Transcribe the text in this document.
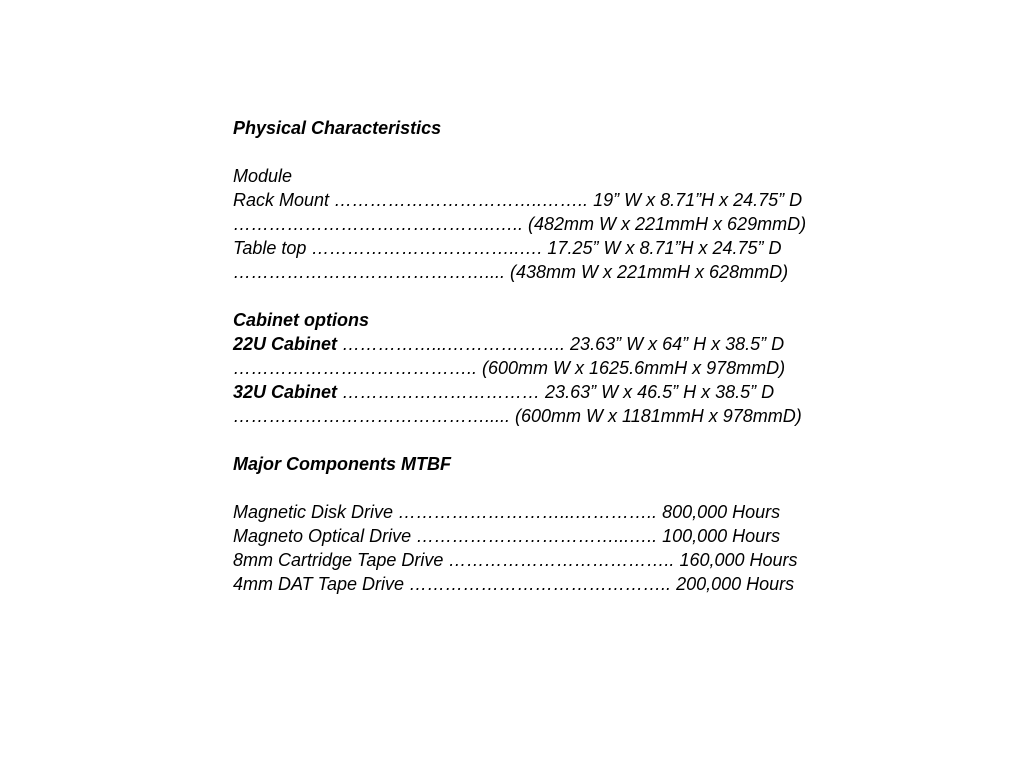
Physical Characteristics
Module
Rack Mount ……………………………..…….. 19” W x 8.71”H x 24.75” D
……………………………………..….. (482mm W x 221mmH x 629mmD)
Table top ……………………………..…. 17.25” W x 8.71”H x 24.75” D
…………………………………….... (438mm W x 221mmH x 628mmD)
Cabinet options
22U Cabinet ……………...……………….. 23.63” W x 64” H x 38.5” D
………………………………….. (600mm W x 1625.6mmH x 978mmD)
32U Cabinet …………………………… 23.63” W x 46.5” H x 38.5” D
……………………………………..... (600mm W x 1181mmH x 978mmD)
Major Components MTBF
Magnetic Disk Drive ………………………...………….. 800,000 Hours
Magneto Optical Drive ……………………………...….. 100,000 Hours
8mm Cartridge Tape Drive ……………………………….. 160,000 Hours
4mm DAT Tape Drive …………………………………….. 200,000 Hours
